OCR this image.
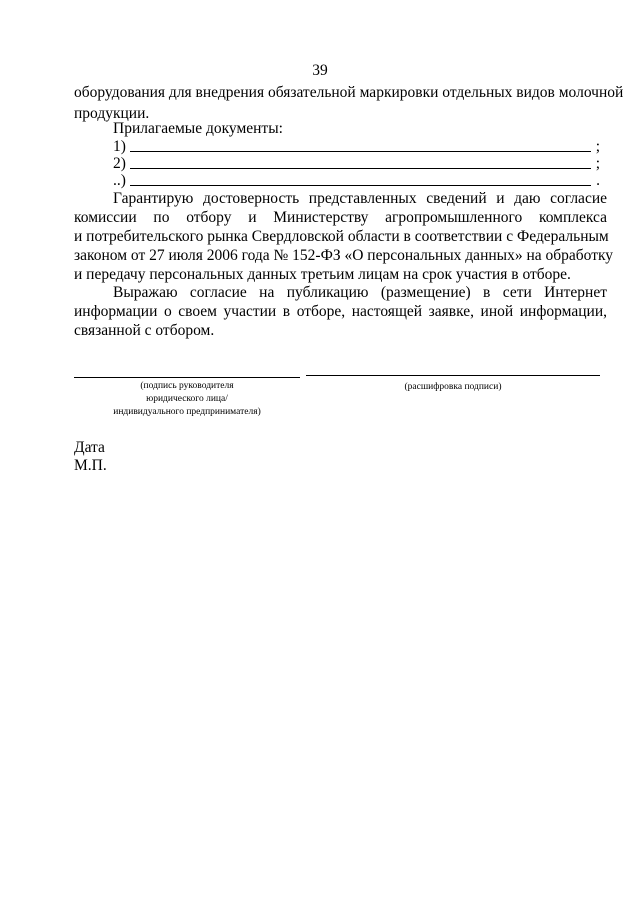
39
оборудования для внедрения обязательной маркировки отдельных видов молочной
продукции.
Прилагаемые документы:
1)	;
2)	;
..)	.
Гарантирую достоверность представленных сведений и даю согласие
комиссии по отбору и Министерству агропромышленного комплекса
и потребительского рынка Свердловской области в соответствии с Федеральным
законом от 27 июля 2006 года № 152-ФЗ «О персональных данных» на обработку
и передачу персональных данных третьим лицам на срок участия в отборе.
Выражаю согласие на публикацию (размещение) в сети Интернет
информации о своем участии в отборе, настоящей заявке, иной информации,
связанной с отбором.
(подпись руководителя
юридического лица/
индивидуального предпринимателя)
(расшифровка подписи)
Дата
М.П.
